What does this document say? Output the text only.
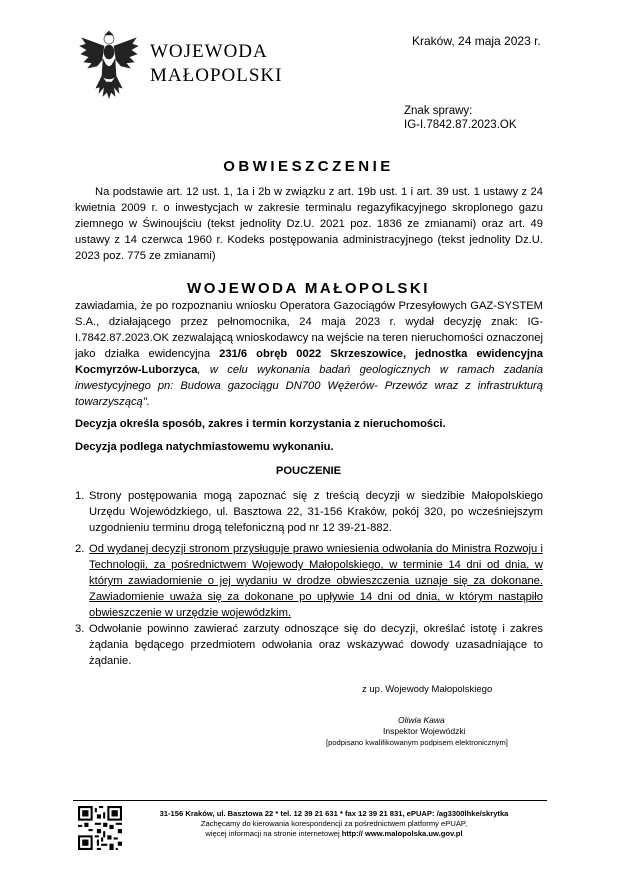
WOJEWODA
MAŁOPOLSKI
Kraków, 24 maja 2023 r.
Znak sprawy:
IG-I.7842.87.2023.OK
OBWIESZCZENIE
Na podstawie art. 12 ust. 1, 1a i 2b w związku z art. 19b ust. 1 i art. 39 ust. 1 ustawy z 24 kwietnia 2009 r. o inwestycjach w zakresie terminalu regazyfikacyjnego skroplonego gazu ziemnego w Świnoujściu (tekst jednolity Dz.U. 2021 poz. 1836 ze zmianami) oraz art. 49 ustawy z 14 czerwca 1960 r. Kodeks postępowania administracyjnego (tekst jednolity Dz.U. 2023 poz. 775 ze zmianami)
WOJEWODA MAŁOPOLSKI
zawiadamia, że po rozpoznaniu wniosku Operatora Gazociągów Przesyłowych GAZ-SYSTEM S.A., działającego przez pełnomocnika, 24 maja 2023 r. wydał decyzję znak: IG-I.7842.87.2023.OK zezwalającą wnioskodawcy na wejście na teren nieruchomości oznaczonej jako działka ewidencyjna 231/6 obręb 0022 Skrzeszowice, jednostka ewidencyjna Kocmyrzów-Luborzyca, w celu wykonania badań geologicznych w ramach zadania inwestycyjnego pn: Budowa gazociągu DN700 Wężerów- Przewóz wraz z infrastrukturą towarzyszącą".
Decyzja określa sposób, zakres i termin korzystania z nieruchomości.
Decyzja podlega natychmiastowemu wykonaniu.
POUCZENIE
1. Strony postępowania mogą zapoznać się z treścią decyzji w siedzibie Małopolskiego Urzędu Wojewódzkiego, ul. Basztowa 22, 31-156 Kraków, pokój 320, po wcześniejszym uzgodnieniu terminu drogą telefoniczną pod nr 12 39-21-882.
2. Od wydanej decyzji stronom przysługuje prawo wniesienia odwołania do Ministra Rozwoju i Technologii, za pośrednictwem Wojewody Małopolskiego, w terminie 14 dni od dnia, w którym zawiadomienie o jej wydaniu w drodze obwieszczenia uznaje się za dokonane. Zawiadomienie uważa się za dokonane po upływie 14 dni od dnia, w którym nastąpiło obwieszczenie w urzędzie wojewódzkim.
3. Odwołanie powinno zawierać zarzuty odnoszące się do decyzji, określać istotę i zakres żądania będącego przedmiotem odwołania oraz wskazywać dowody uzasadniające to żądanie.
z up. Wojewody Małopolskiego
Oliwia Kawa
Inspektor Wojewódzki
[podpisano kwalifikowanym podpisem elektronicznym]
31-156 Kraków, ul. Basztowa 22 * tel. 12 39 21 631 * fax 12 39 21 831, ePUAP: /ag3300lhke/skrytka
Zachęcamy do kierowania korespondencji za pośrednictwem platformy ePUAP,
więcej informacji na stronie internetowej http:// www.malopolska.uw.gov.pl
